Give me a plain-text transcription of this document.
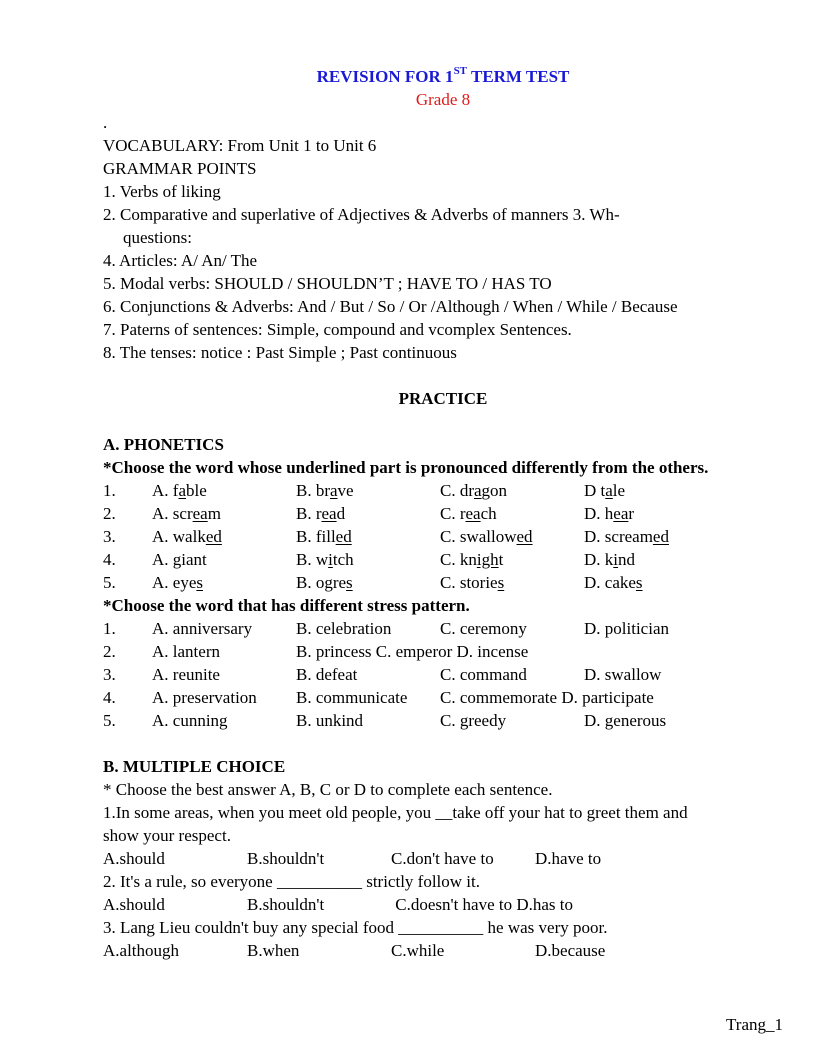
REVISION FOR 1ST TERM TEST
Grade 8
.
VOCABULARY: From Unit 1 to Unit 6
GRAMMAR POINTS
1. Verbs of liking
2. Comparative and superlative of Adjectives & Adverbs of manners 3. Wh-
questions:
4. Articles: A/ An/ The
5. Modal verbs: SHOULD / SHOULDN’T ; HAVE TO / HAS TO
6. Conjunctions & Adverbs: And / But / So / Or /Although / When / While / Because
7. Paterns of sentences: Simple, compound and vcomplex Sentences.
8. The tenses: notice : Past Simple ; Past continuous
PRACTICE
A. PHONETICS
*Choose the word whose underlined part is pronounced differently from the others.
1.	A. fable	B. brave	C. dragon	D tale
2.	A. scream	B. read	C. reach	D. hear
3.	A. walked	B. filled	C. swallowed	D. screamed
4.	A. giant	B. witch	C. knight	D. kind
5.	A. eyes	B. ogres	C. stories	D. cakes
*Choose the word that has different stress pattern.
1.	A. anniversary	B. celebration	C. ceremony	D. politician
2.	A. lantern	B. princess C. emperor D. incense
3.	A. reunite	B. defeat	C. command	D. swallow
4.	A. preservation	B. communicate	C. commemorate D. participate
5.	A. cunning	B. unkind	C. greedy	D. generous
B. MULTIPLE CHOICE
* Choose the best answer A, B, C or D to complete each sentence.
1.In some areas, when you meet old people, you __take off your hat to greet them and
show your respect.
A.should	B.shouldn't	C.don't have to	D.have to
2. It's a rule, so everyone __________ strictly follow it.
A.should	B.shouldn't	C.doesn't have to D.has to
3. Lang Lieu couldn't buy any special food __________ he was very poor.
A.although	B.when	C.while	D.because
Trang_1
